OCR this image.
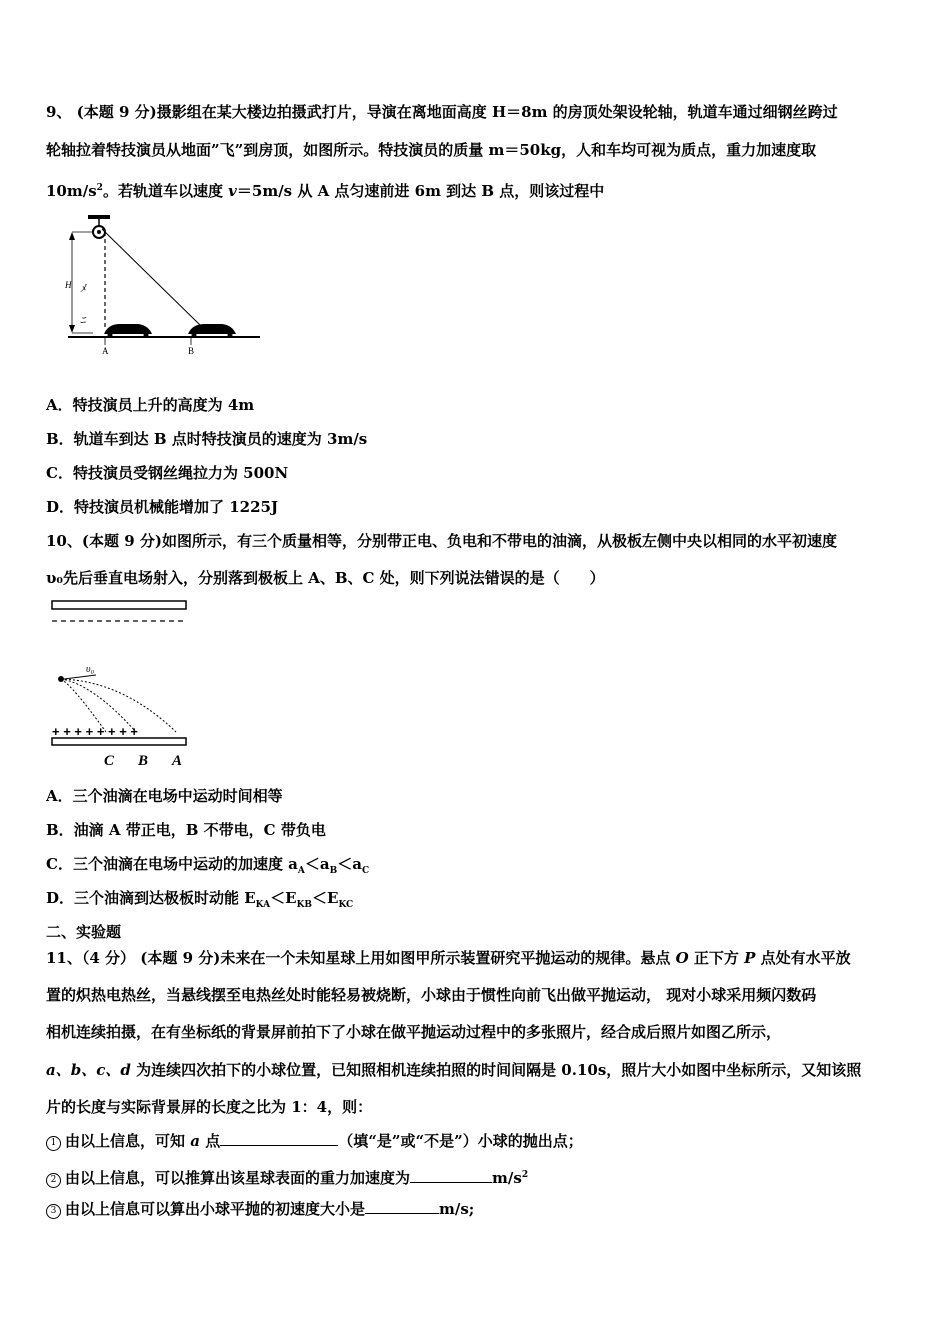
9、 (本题 9 分)摄影组在某大楼边拍摄武打片，导演在离地面高度 H＝8m 的房顶处架设轮轴，轨道车通过细钢丝跨过
轮轴拉着特技演员从地面”飞”到房顶，如图所示。特技演员的质量 m＝50kg，人和车均可视为质点，重力加速度取
$10m/s^2$。若轨道车以速度 v＝5m/s 从 A 点匀速前进 6m 到达 B 点，则该过程中
H ﾒ
ﾆ
A	B
A．特技演员上升的高度为 4m
B．轨道车到达 B 点时特技演员的速度为 3m/s
C．特技演员受钢丝绳拉力为 500N
D．特技演员机械能增加了 1225J
10、(本题 9 分)如图所示，有三个质量相等，分别带正电、负电和不带电的油滴，从极板左侧中央以相同的水平初速度
υ₀先后垂直电场射入，分别落到极板上 A、B、C 处，则下列说法错误的是（　　）
υ₀
+ + + + + + + +
C B A
A．三个油滴在电场中运动时间相等
B．油滴 A 带正电，B 不带电，C 带负电
C．三个油滴在电场中运动的加速度 $a_A<a_B<a_C$
D．三个油滴到达极板时动能 $E_{KA}<E_{KB}<E_{KC}$
二、实验题
11、（4 分） (本题 9 分)未来在一个未知星球上用如图甲所示装置研究平抛运动的规律。悬点 O 正下方 P 点处有水平放
置的炽热电热丝，当悬线摆至电热丝处时能轻易被烧断，小球由于惯性向前飞出做平抛运动， 现对小球采用频闪数码
相机连续拍摄，在有坐标纸的背景屏前拍下了小球在做平抛运动过程中的多张照片，经合成后照片如图乙所示，
a、b、c、d 为连续四次拍下的小球位置，已知照相机连续拍照的时间间隔是 0.10s，照片大小如图中坐标所示，又知该照
片的长度与实际背景屏的长度之比为 1：4，则：
1 由以上信息，可知 a 点	（填“是”或“不是”）小球的抛出点；
2 由以上信息，可以推算出该星球表面的重力加速度为	$m/s^2$
3 由以上信息可以算出小球平抛的初速度大小是	m/s;
